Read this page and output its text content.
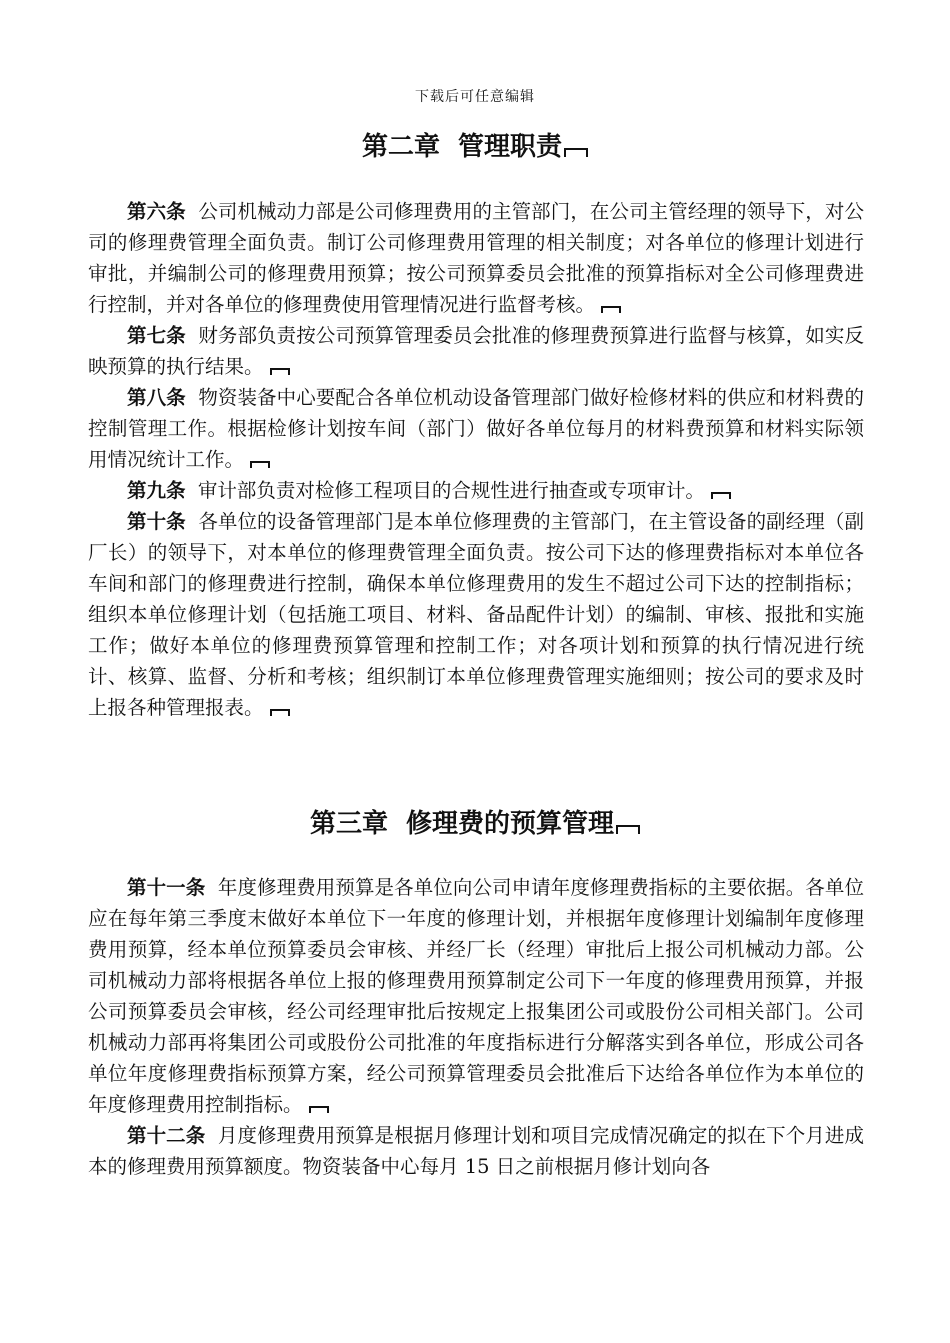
下载后可任意编辑
第二章 管理职责

第六条 公司机械动力部是公司修理费用的主管部门，在公司主管经理的领导下，对公司的修理费管理全面负责。制订公司修理费用管理的相关制度；对各单位的修理计划进行审批，并编制公司的修理费用预算；按公司预算委员会批准的预算指标对全公司修理费进行控制，并对各单位的修理费使用管理情况进行监督考核。

第七条 财务部负责按公司预算管理委员会批准的修理费预算进行监督与核算，如实反映预算的执行结果。

第八条 物资装备中心要配合各单位机动设备管理部门做好检修材料的供应和材料费的控制管理工作。根据检修计划按车间（部门）做好各单位每月的材料费预算和材料实际领用情况统计工作。

第九条 审计部负责对检修工程项目的合规性进行抽查或专项审计。

第十条 各单位的设备管理部门是本单位修理费的主管部门，在主管设备的副经理（副厂长）的领导下，对本单位的修理费管理全面负责。按公司下达的修理费指标对本单位各车间和部门的修理费进行控制，确保本单位修理费用的发生不超过公司下达的控制指标；组织本单位修理计划（包括施工项目、材料、备品配件计划）的编制、审核、报批和实施工作；做好本单位的修理费预算管理和控制工作；对各项计划和预算的执行情况进行统计、核算、监督、分析和考核；组织制订本单位修理费管理实施细则；按公司的要求及时上报各种管理报表。

第三章 修理费的预算管理

第十一条 年度修理费用预算是各单位向公司申请年度修理费指标的主要依据。各单位应在每年第三季度末做好本单位下一年度的修理计划，并根据年度修理计划编制年度修理费用预算，经本单位预算委员会审核、并经厂长（经理）审批后上报公司机械动力部。公司机械动力部将根据各单位上报的修理费用预算制定公司下一年度的修理费用预算，并报公司预算委员会审核，经公司经理审批后按规定上报集团公司或股份公司相关部门。公司机械动力部再将集团公司或股份公司批准的年度指标进行分解落实到各单位，形成公司各单位年度修理费指标预算方案，经公司预算管理委员会批准后下达给各单位作为本单位的年度修理费用控制指标。

第十二条 月度修理费用预算是根据月修理计划和项目完成情况确定的拟在下个月进成本的修理费用预算额度。物资装备中心每月 15 日之前根据月修计划向各
